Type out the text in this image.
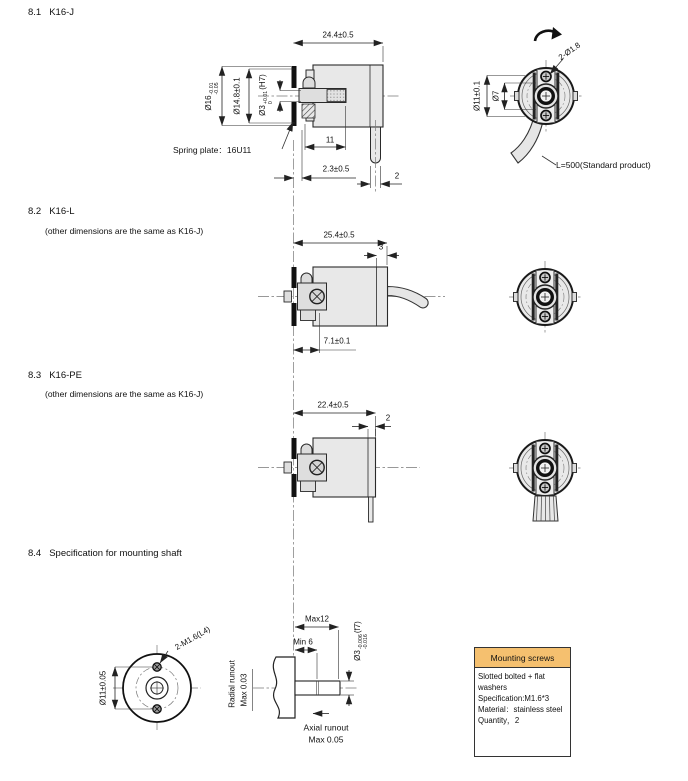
8.1 K16-J
24.4±0.5
Ø16
-0.01 -0.05 Ø14.8±0.1 Ø3
+0.01 0
(H7)
Spring plate：16U11
11
2.3±0.5
2
2-Ø1.8
Ø11±0.1 Ø7
L=500(Standard product)
8.2 K16-L
(other dimensions are the same as K16-J)	25.4±0.5
3
7.1±0.1
8.3 K16-PE
(other dimensions are the same as K16-J)
22.4±0.5
2
8.4 Specification for mounting shaft
2-M1.6(L4)
Ø11±0.05	Radial runout Max 0.03
Max12
Min 6
Ø3
-0.006 -0.016
(f7)
Axial runout
Max 0.05
Mounting screws
Slotted bolted + flat washers
Specification:M1.6*3
Material：stainless steel
Quantity，2
